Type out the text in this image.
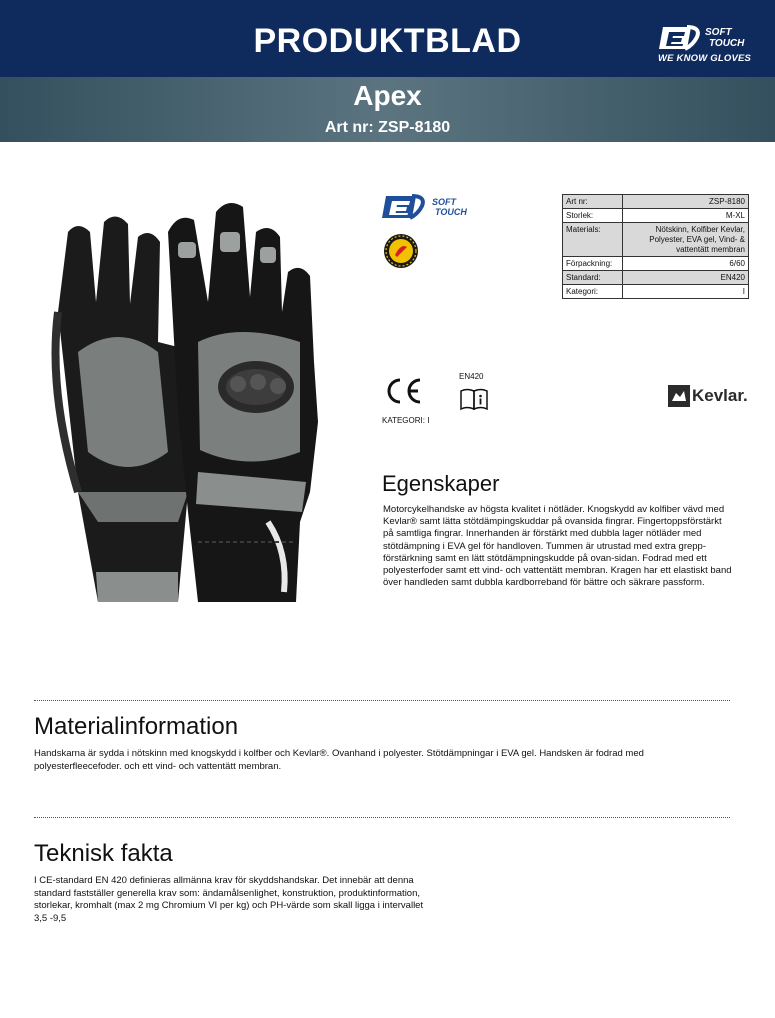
PRODUKTBLAD	SOFT
TOUCH
WE KNOW GLOVES
Apex
Art nr: ZSP-8180
SOFT
TOUCH
Art nr:	ZSP-8180
Storlek:	M-XL
Materials:	Nötskinn, Kolfiber Kevlar, Polyester, EVA gel, Vind- & vattentätt membran
Förpackning:	6/60
Standard:	EN420
Kategori:	I
KATEGORI: I
EN420
Kevlar.
Egenskaper
Motorcykelhandske av högsta kvalitet i nötläder. Knogskydd av kolfiber vävd med Kevlar® samt lätta stötdämpingskuddar på ovansida fingrar. Fingertoppsförstärkt på samtliga fingrar. Innerhanden är förstärkt med dubbla lager nötläder med stötdämpning i EVA gel för handloven. Tummen är utrustad med extra grepp-förstärkning samt en lätt stötdämpningskudde på ovan-sidan. Fodrad med ett polyesterfoder samt ett vind- och vattentätt membran. Kragen har ett elastiskt band över handleden samt dubbla kardborreband för bättre och säkrare passform.
Materialinformation
Handskarna är sydda i nötskinn med knogskydd i kolfber och Kevlar®. Ovanhand i polyester. Stötdämpningar i EVA gel. Handsken är fodrad med polyesterfleecefoder. och ett vind- och vattentätt membran.
Teknisk fakta
I CE-standard EN 420 definieras allmänna krav för skyddshandskar. Det innebär att denna standard fastställer generella krav som: ändamålsenlighet, konstruktion, produktinformation, storlekar, kromhalt (max 2 mg Chromium VI per kg) och PH-värde som skall ligga i intervallet 3,5 -9,5
